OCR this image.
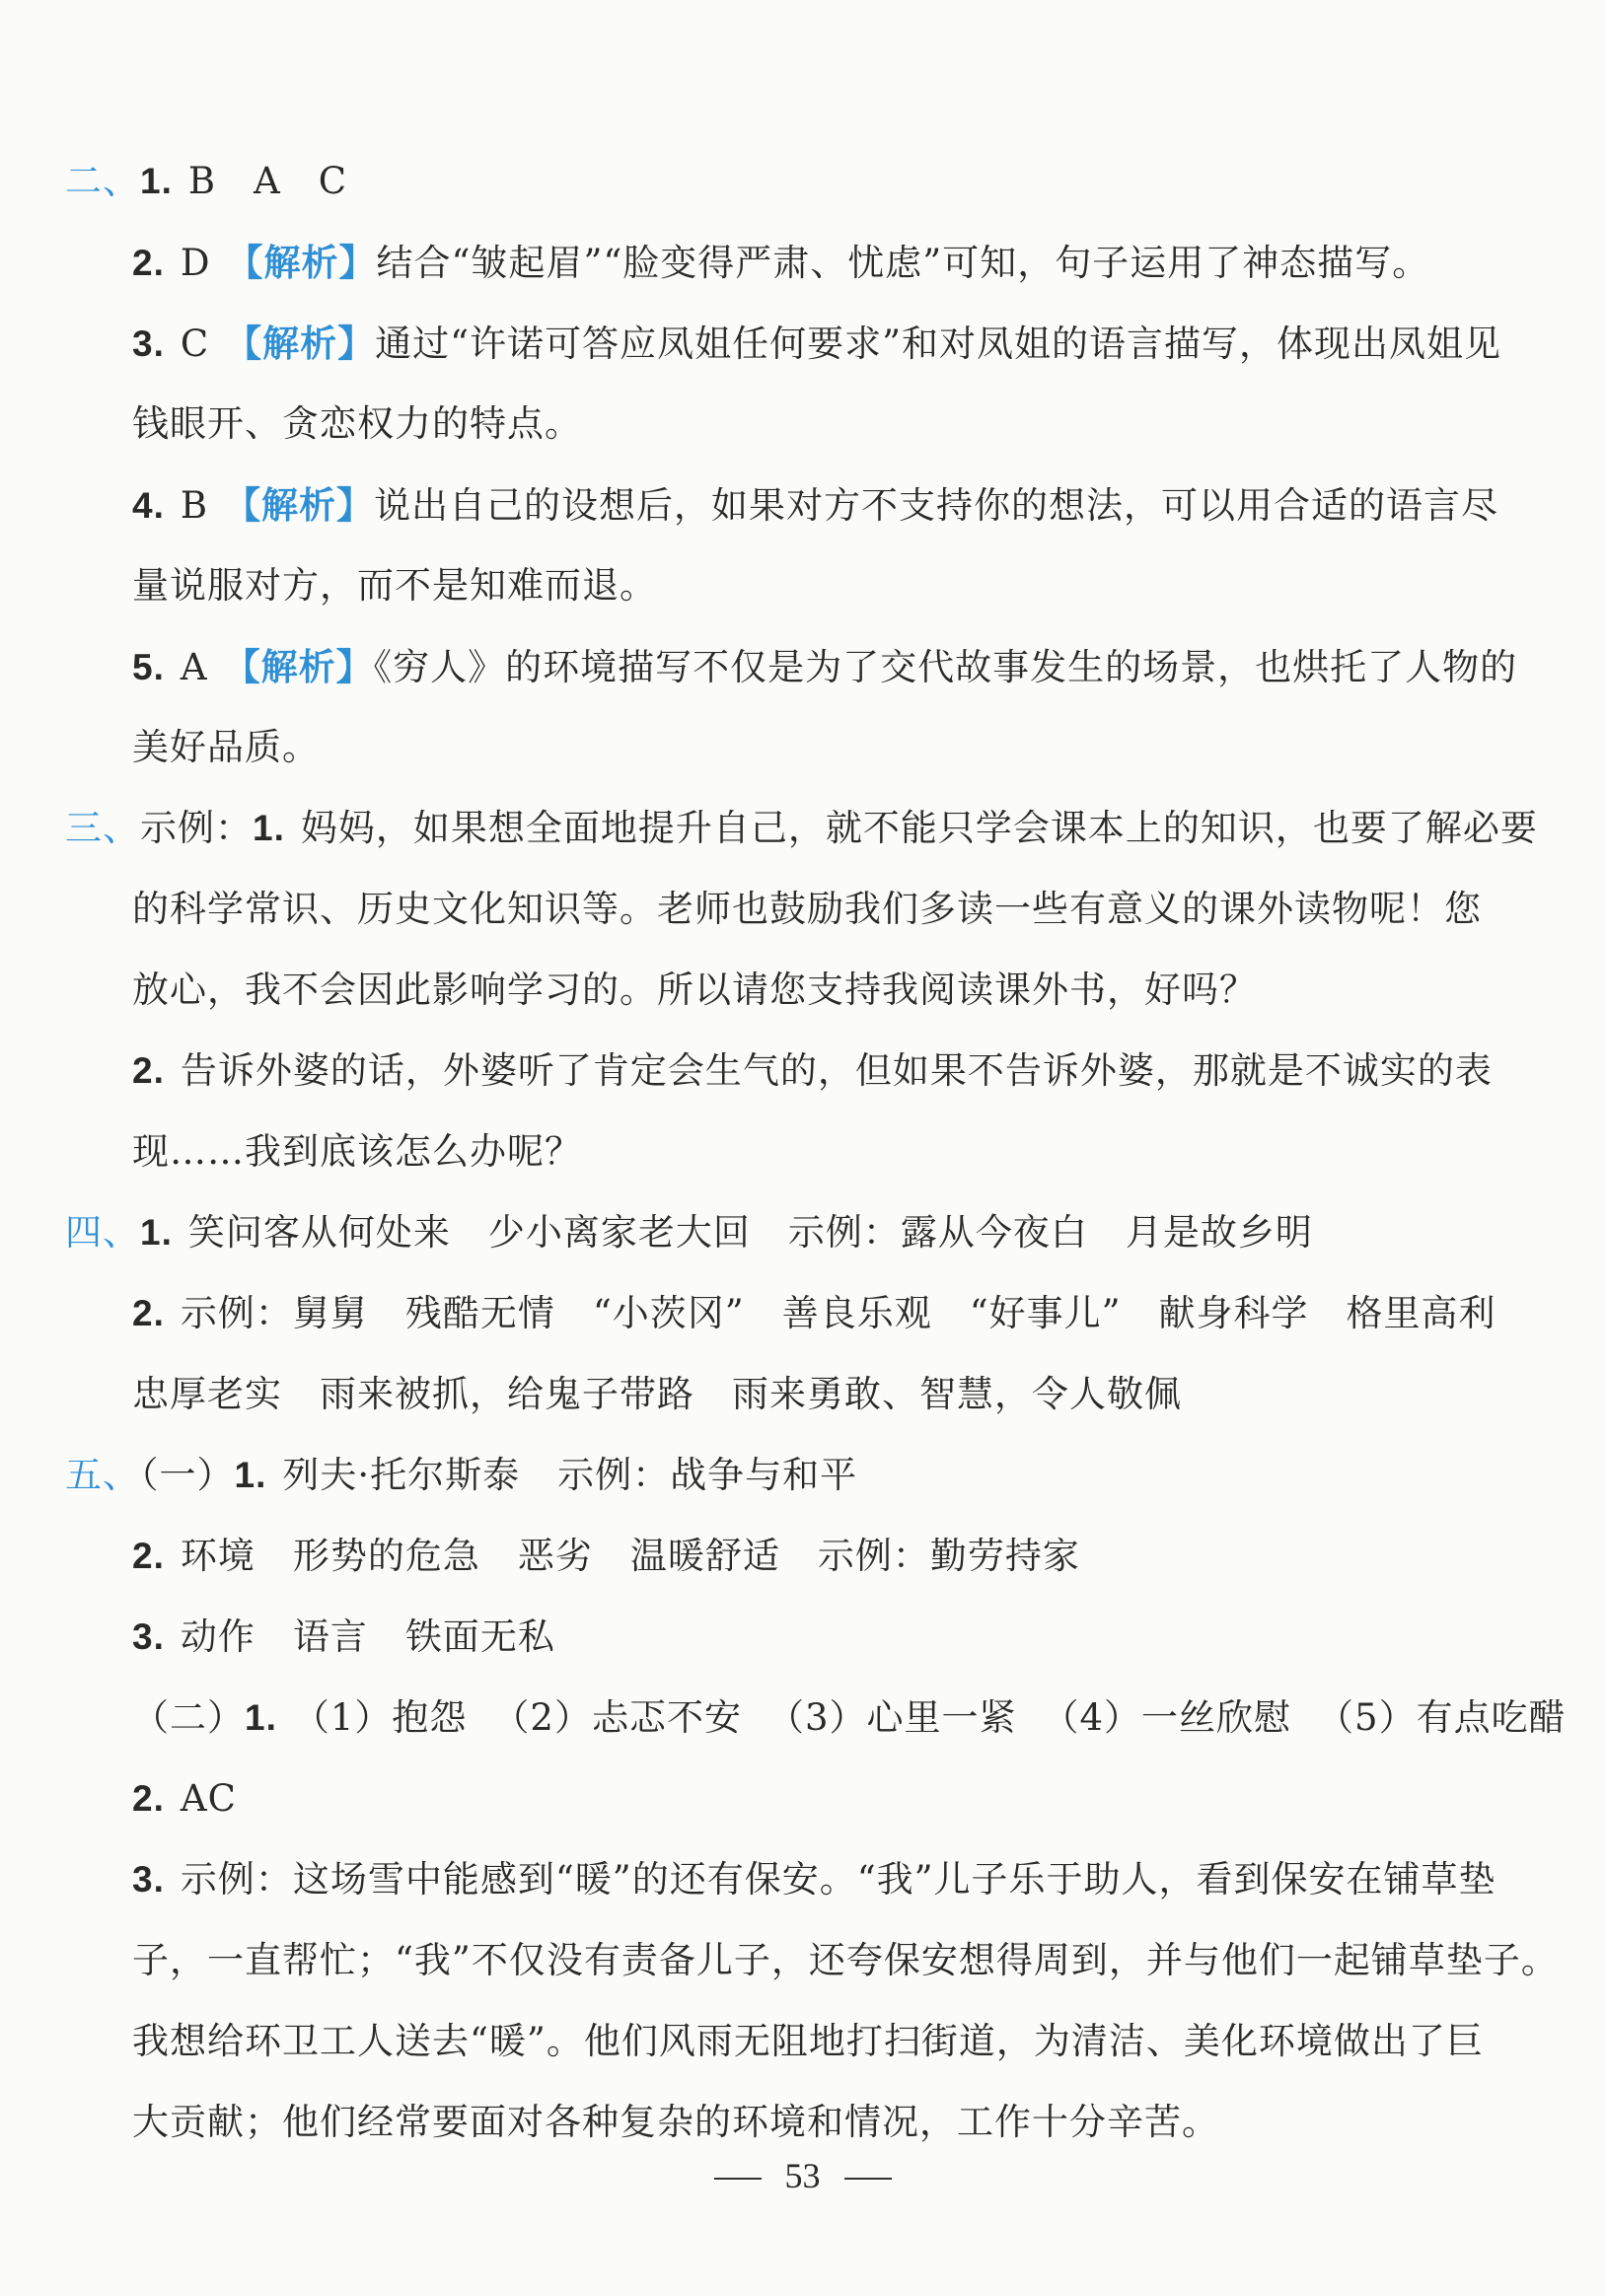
二、1. B　A　C
2. D 【解析】结合“皱起眉”“脸变得严肃、忧虑”可知，句子运用了神态描写。
3. C 【解析】通过“许诺可答应凤姐任何要求”和对凤姐的语言描写，体现出凤姐见
钱眼开、贪恋权力的特点。
4. B 【解析】说出自己的设想后，如果对方不支持你的想法，可以用合适的语言尽
量说服对方，而不是知难而退。
5. A 【解析】《穷人》的环境描写不仅是为了交代故事发生的场景，也烘托了人物的
美好品质。
三、示例：1. 妈妈，如果想全面地提升自己，就不能只学会课本上的知识，也要了解必要
的科学常识、历史文化知识等。老师也鼓励我们多读一些有意义的课外读物呢！您
放心，我不会因此影响学习的。所以请您支持我阅读课外书，好吗？
2. 告诉外婆的话，外婆听了肯定会生气的，但如果不告诉外婆，那就是不诚实的表
现……我到底该怎么办呢？
四、1. 笑问客从何处来 少小离家老大回 示例：露从今夜白 月是故乡明
2. 示例：舅舅 残酷无情 “小茨冈” 善良乐观 “好事儿” 献身科学 格里高利
忠厚老实 雨来被抓，给鬼子带路 雨来勇敢、智慧，令人敬佩
五、（一）1. 列夫·托尔斯泰 示例：战争与和平
2. 环境 形势的危急 恶劣 温暖舒适 示例：勤劳持家
3. 动作 语言 铁面无私
（二）1. （1）抱怨 （2）忐忑不安 （3）心里一紧 （4）一丝欣慰 （5）有点吃醋
2. AC
3. 示例：这场雪中能感到“暖”的还有保安。“我”儿子乐于助人，看到保安在铺草垫
子，一直帮忙；“我”不仅没有责备儿子，还夸保安想得周到，并与他们一起铺草垫子。
我想给环卫工人送去“暖”。他们风雨无阻地打扫街道，为清洁、美化环境做出了巨
大贡献；他们经常要面对各种复杂的环境和情况，工作十分辛苦。
53
